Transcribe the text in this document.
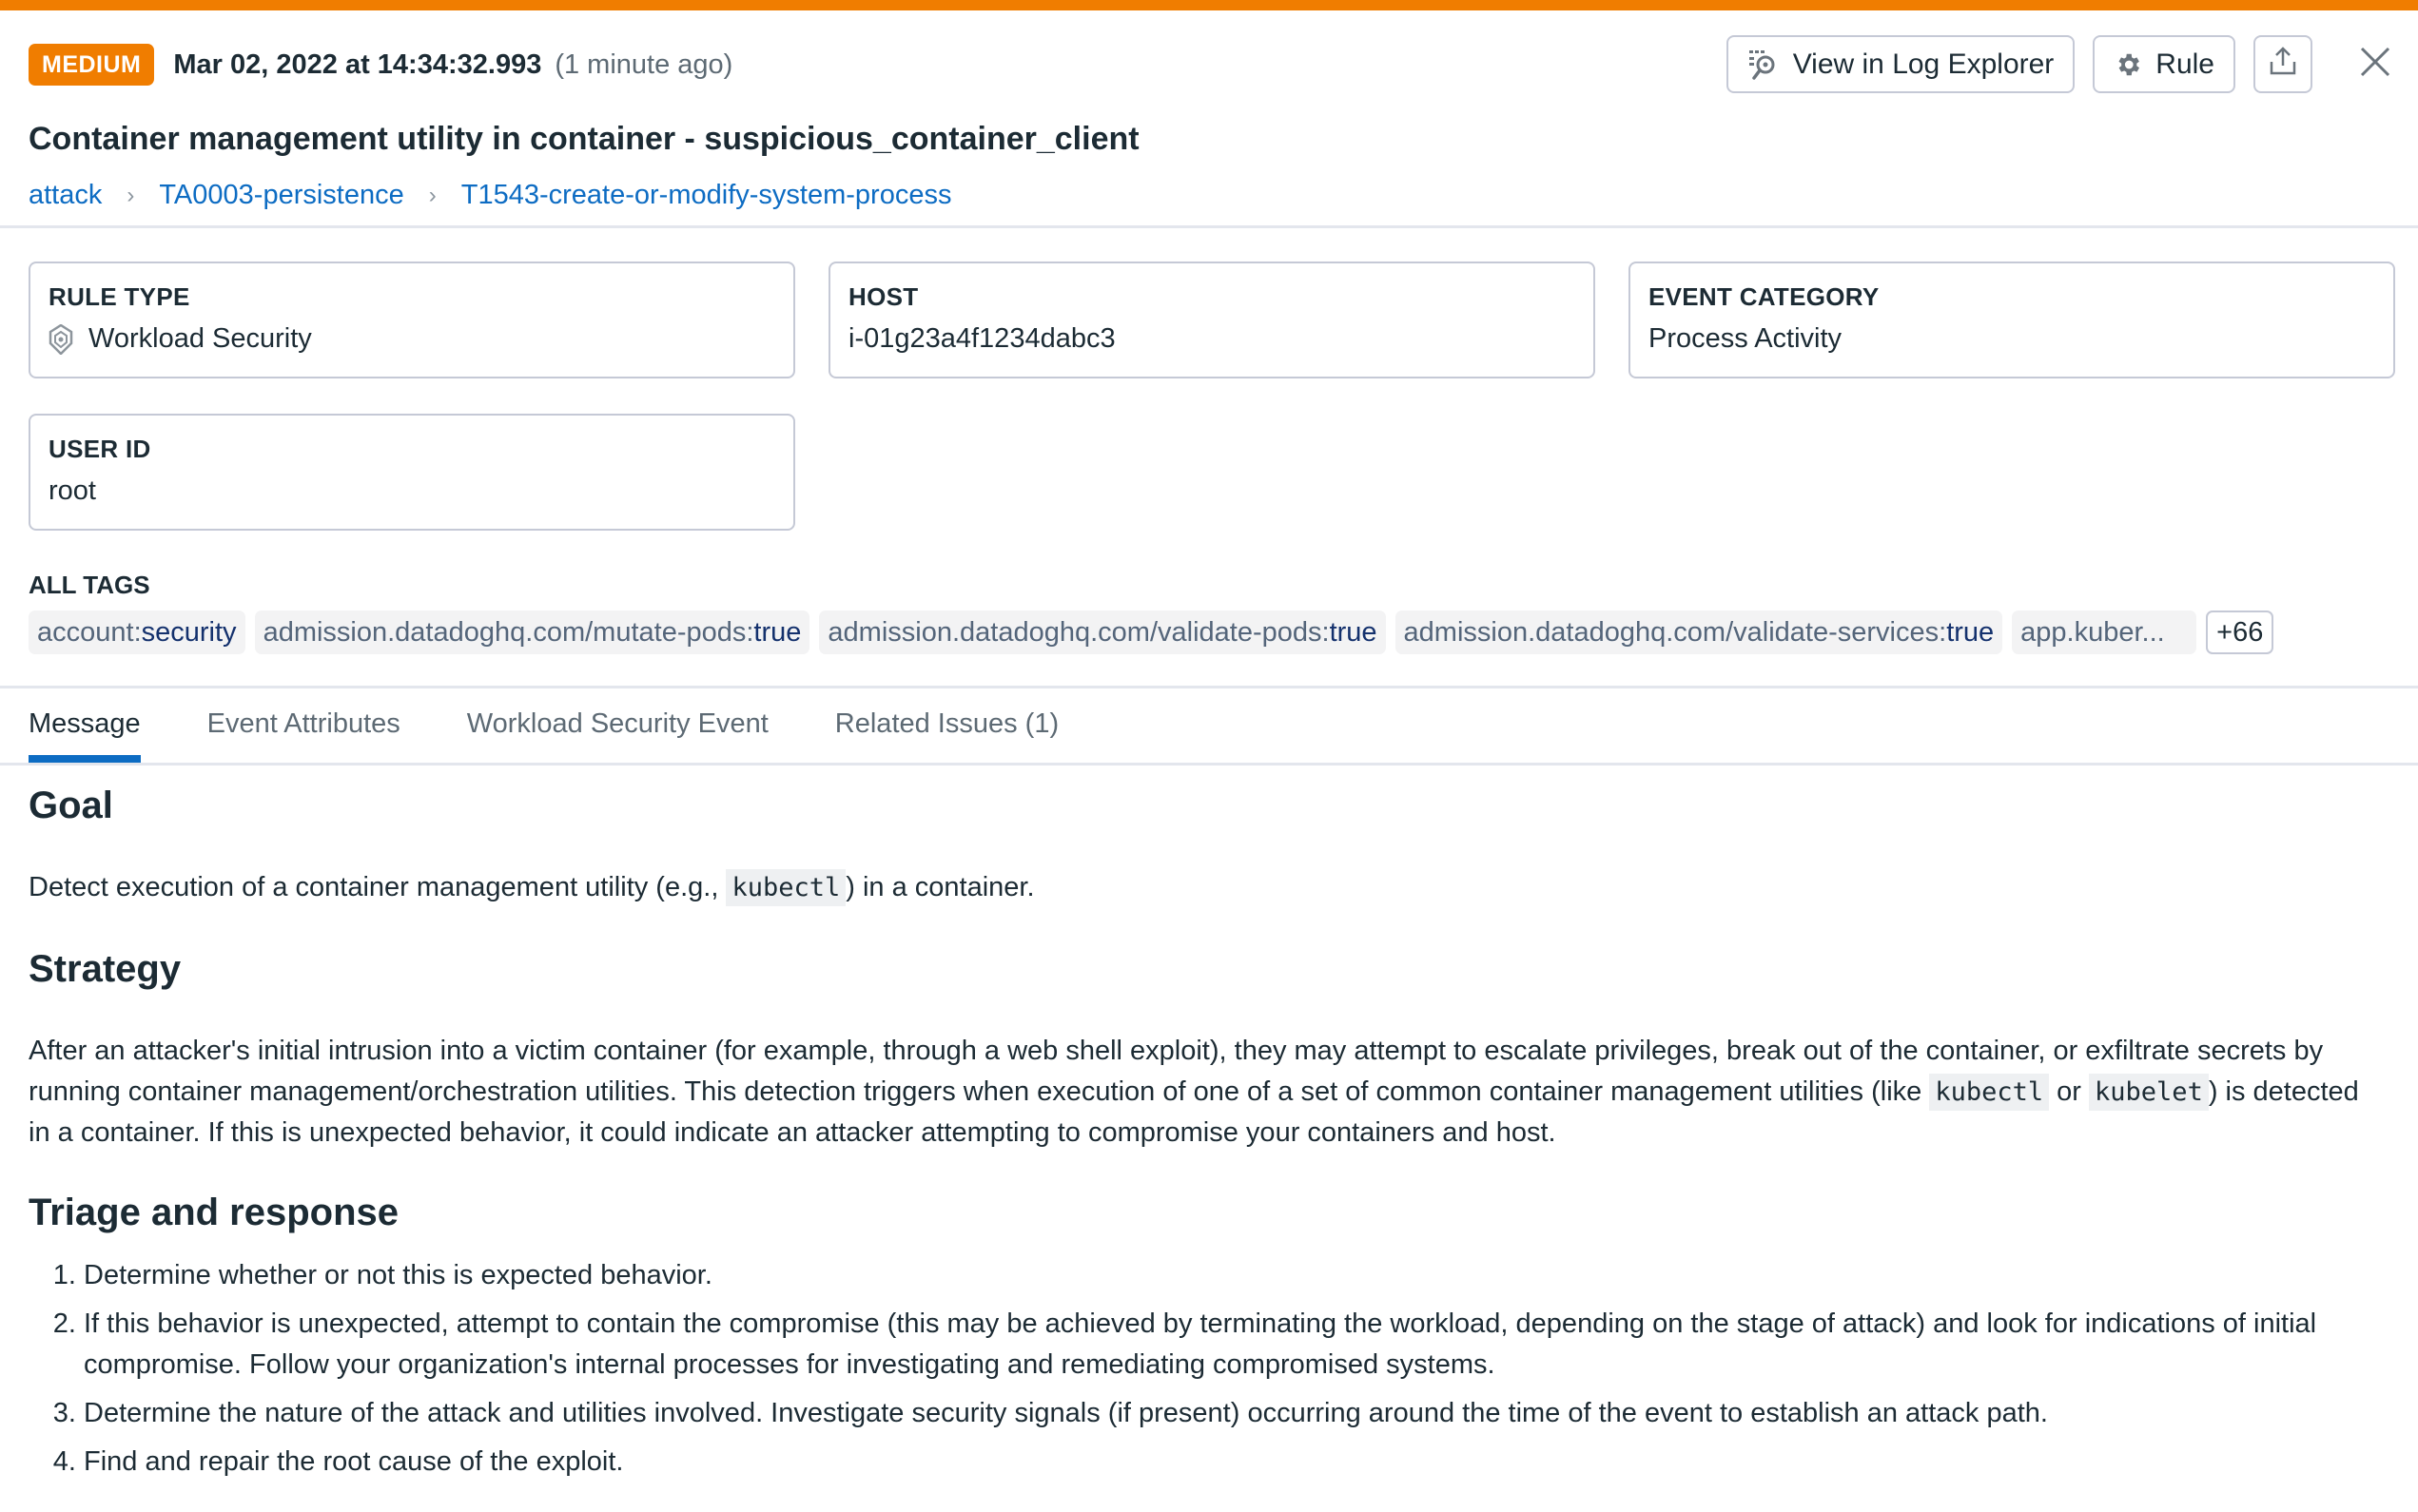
MEDIUM	Mar 02, 2022 at 14:34:32.993 (1 minute ago)	View in Log Explorer	Rule
Container management utility in container - suspicious_container_client
attack › TA0003-persistence › T1543-create-or-modify-system-process
RULE TYPE
Workload Security
HOST
i-01g23a4f1234dabc3
EVENT CATEGORY
Process Activity
USER ID
root
ALL TAGS
account:security admission.datadoghq.com/mutate-pods:true admission.datadoghq.com/validate-pods:true admission.datadoghq.com/validate-services:true app.kuber...	+66
Message Event Attributes Workload Security Event Related Issues (1)
Goal
Detect execution of a container management utility (e.g., kubectl ) in a container.
Strategy
After an attacker's initial intrusion into a victim container (for example, through a web shell exploit), they may attempt to escalate privileges, break out of the container, or exfiltrate secrets by running container management/orchestration utilities. This detection triggers when execution of one of a set of common container management utilities (like kubectl or kubelet ) is detected in a container. If this is unexpected behavior, it could indicate an attacker attempting to compromise your containers and host.
Triage and response
1. Determine whether or not this is expected behavior.
2. If this behavior is unexpected, attempt to contain the compromise (this may be achieved by terminating the workload, depending on the stage of attack) and look for indications of initial compromise. Follow your organization's internal processes for investigating and remediating compromised systems.
3. Determine the nature of the attack and utilities involved. Investigate security signals (if present) occurring around the time of the event to establish an attack path.
4. Find and repair the root cause of the exploit.
